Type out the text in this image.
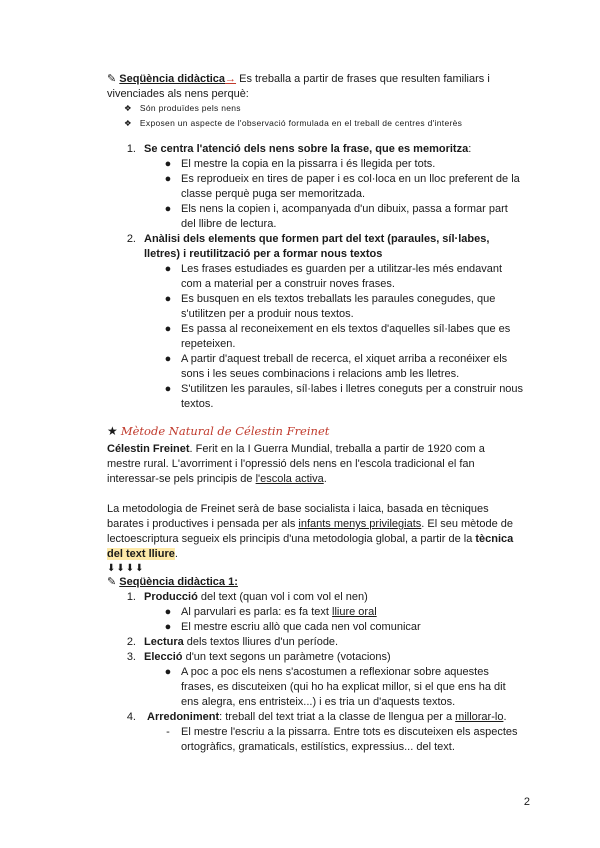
✎ Seqüència didàctica→ Es treballa a partir de frases que resulten familiars i
vivenciades als nens perquè:
❖ Són produïdes pels nens
❖ Exposen un aspecte de l'observació formulada en el treball de centres d'interès
1. Se centra l'atenció dels nens sobre la frase, que es memoritza:
● El mestre la copia en la pissarra i és llegida per tots.
● Es reprodueix en tires de paper i es col·loca en un lloc preferent de la
classe perquè puga ser memoritzada.
● Els nens la copien i, acompanyada d'un dibuix, passa a formar part
del llibre de lectura.
2. Anàlisi dels elements que formen part del text (paraules, síl·labes,
lletres) i reutilització per a formar nous textos
● Les frases estudiades es guarden per a utilitzar-les més endavant
com a material per a construir noves frases.
● Es busquen en els textos treballats les paraules conegudes, que
s'utilitzen per a produir nous textos.
● Es passa al reconeixement en els textos d'aquelles síl·labes que es
repeteixen.
● A partir d'aquest treball de recerca, el xiquet arriba a reconéixer els
sons i les seues combinacions i relacions amb les lletres.
● S'utilitzen les paraules, síl·labes i lletres coneguts per a construir nous
textos.
★ Mètode Natural de Célestin Freinet
Célestin Freinet. Ferit en la I Guerra Mundial, treballa a partir de 1920 com a
mestre rural. L'avorriment i l'opressió dels nens en l'escola tradicional el fan
interessar-se pels principis de l'escola activa.
La metodologia de Freinet serà de base socialista i laica, basada en tècniques
barates i productives i pensada per als infants menys privilegiats. El seu mètode de
lectoescriptura segueix els principis d'una metodologia global, a partir de la tècnica
del text lliure.
⬇⬇⬇⬇
✎ Seqüència didàctica 1:
1. Producció del text (quan vol i com vol el nen)
● Al parvulari es parla: es fa text lliure oral
● El mestre escriu allò que cada nen vol comunicar
2. Lectura dels textos lliures d'un període.
3. Elecció d'un text segons un paràmetre (votacions)
● A poc a poc els nens s'acostumen a reflexionar sobre aquestes
frases, es discuteixen (qui ho ha explicat millor, si el que ens ha dit
ens alegra, ens entristeix...) i es tria un d'aquests textos.
4. Arredoniment: treball del text triat a la classe de llengua per a millorar-lo.
- El mestre l'escriu a la pissarra. Entre tots es discuteixen els aspectes
ortogràfics, gramaticals, estilístics, expressius... del text.
2
